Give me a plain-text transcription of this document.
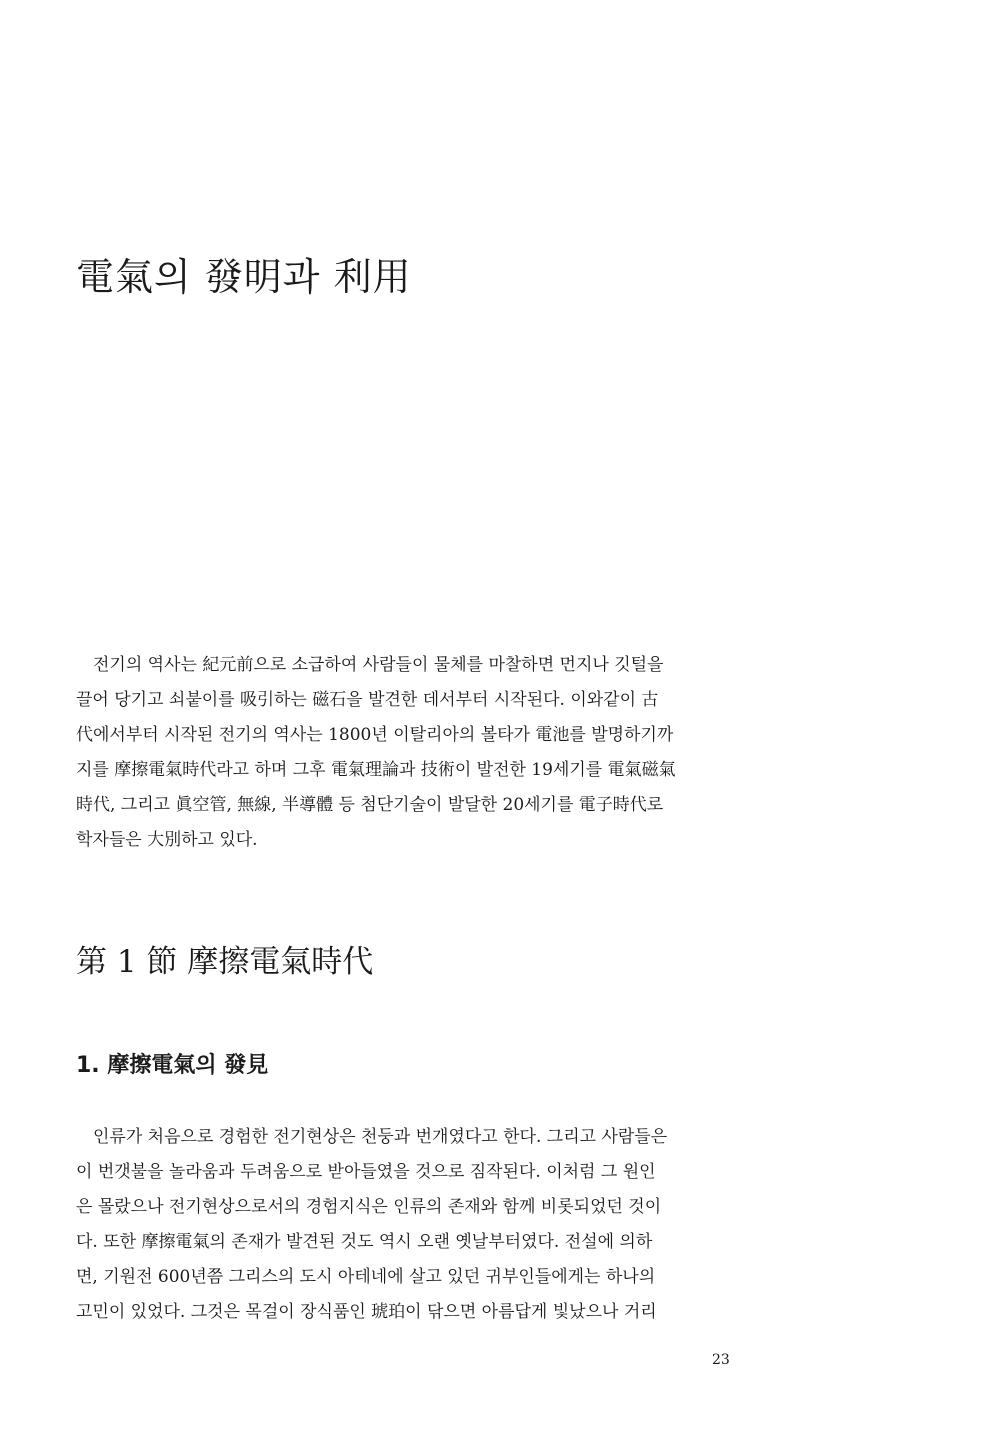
電氣의 發明과 利用
전기의 역사는 紀元前으로 소급하여 사람들이 물체를 마찰하면 먼지나 깃털을
끌어 당기고 쇠붙이를 吸引하는 磁石을 발견한 데서부터 시작된다. 이와같이 古
代에서부터 시작된 전기의 역사는 1800년 이탈리아의 볼타가 電池를 발명하기까
지를 摩擦電氣時代라고 하며 그후 電氣理論과 技術이 발전한 19세기를 電氣磁氣
時代, 그리고 眞空管, 無線, 半導體 등 첨단기술이 발달한 20세기를 電子時代로
학자들은 大別하고 있다.
第 1 節 摩擦電氣時代
1. 摩擦電氣의 發見
인류가 처음으로 경험한 전기현상은 천둥과 번개였다고 한다. 그리고 사람들은
이 번갯불을 놀라움과 두려움으로 받아들였을 것으로 짐작된다. 이처럼 그 원인
은 몰랐으나 전기현상으로서의 경험지식은 인류의 존재와 함께 비롯되었던 것이
다. 또한 摩擦電氣의 존재가 발견된 것도 역시 오랜 옛날부터였다. 전설에 의하
면, 기원전 600년쯤 그리스의 도시 아테네에 살고 있던 귀부인들에게는 하나의
고민이 있었다. 그것은 목걸이 장식품인 琥珀이 닦으면 아름답게 빛났으나 거리
23
